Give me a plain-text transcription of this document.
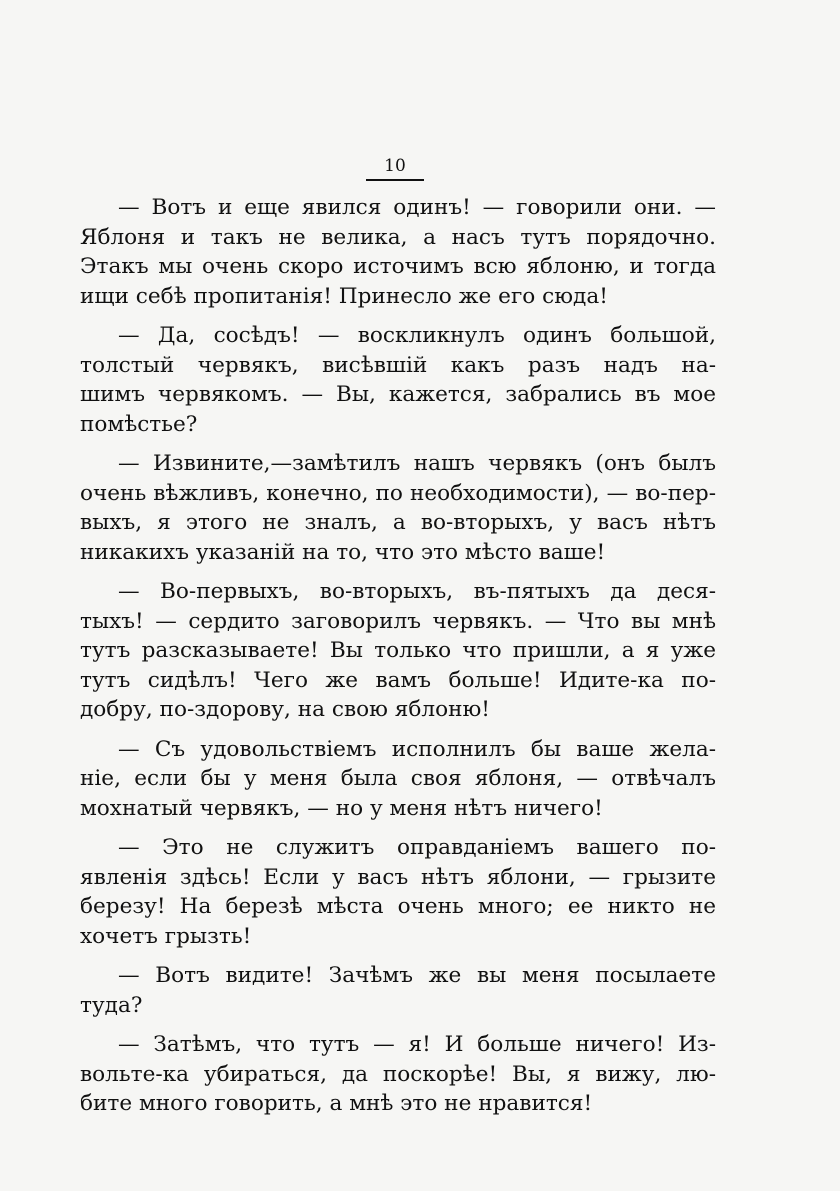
10
— Вотъ и еще явился одинъ! — говорили они. —
Яблоня и такъ не велика, а насъ тутъ порядочно.
Этакъ мы очень скоро источимъ всю яблоню, и тогда
ищи себѣ пропитанія! Принесло же его сюда!
— Да, сосѣдъ! — воскликнулъ одинъ большой,
толстый червякъ, висѣвшій какъ разъ надъ на-
шимъ червякомъ. — Вы, кажется, забрались въ мое
помѣстье?
— Извините,—замѣтилъ нашъ червякъ (онъ былъ
очень вѣжливъ, конечно, по необходимости), — во-пер-
выхъ, я этого не зналъ, а во-вторыхъ, у васъ нѣтъ
никакихъ указаній на то, что это мѣсто ваше!
— Во-первыхъ, во-вторыхъ, въ-пятыхъ да деся-
тыхъ! — сердито заговорилъ червякъ. — Что вы мнѣ
тутъ разсказываете! Вы только что пришли, а я уже
тутъ сидѣлъ! Чего же вамъ больше! Идите-ка по-
добру, по-здорову, на свою яблоню!
— Съ удовольствіемъ исполнилъ бы ваше жела-
ніе, если бы у меня была своя яблоня, — отвѣчалъ
мохнатый червякъ, — но у меня нѣтъ ничего!
— Это не служитъ оправданіемъ вашего по-
явленія здѣсь! Если у васъ нѣтъ яблони, — грызите
березу! На березѣ мѣста очень много; ее никто не
хочетъ грызть!
— Вотъ видите! Зачѣмъ же вы меня посылаете
туда?
— Затѣмъ, что тутъ — я! И больше ничего! Из-
вольте-ка убираться, да поскорѣе! Вы, я вижу, лю-
бите много говорить, а мнѣ это не нравится!
